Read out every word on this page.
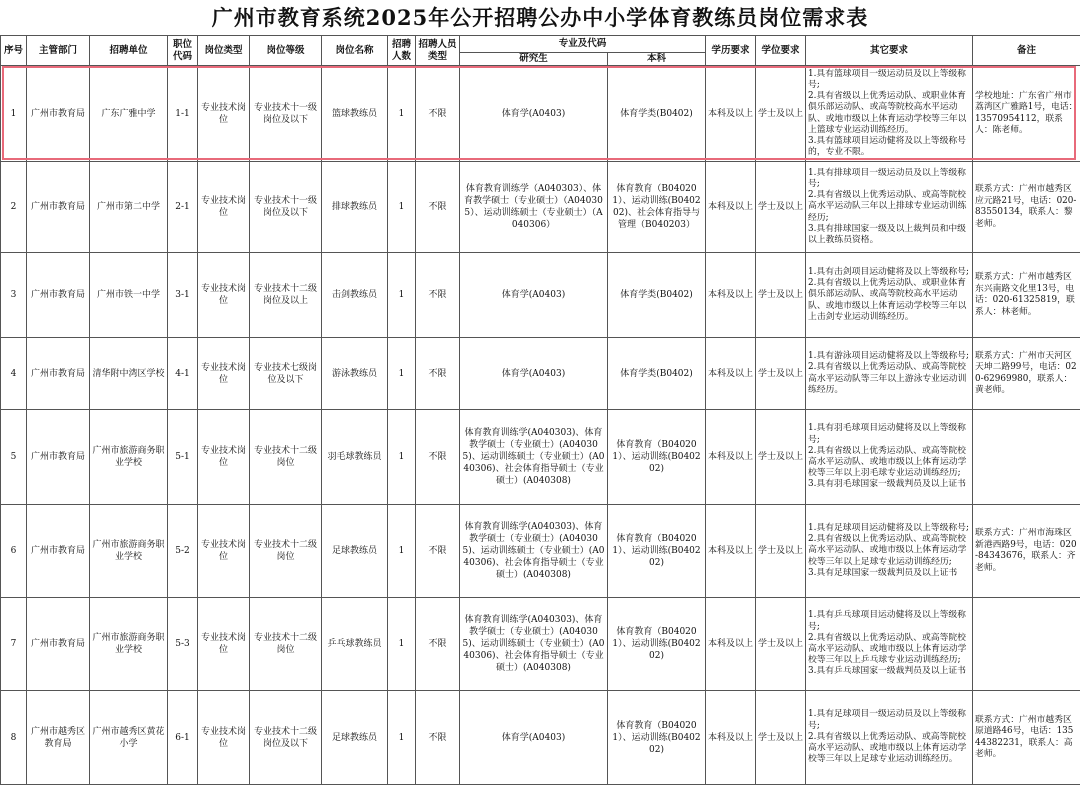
广州市教育系统2025年公开招聘公办中小学体育教练员岗位需求表
序号	主管部门	招聘单位	职位代码	岗位类型	岗位等级	岗位名称	招聘人数	招聘人员类型	专业及代码		学历要求	学位要求	其它要求	备注
									研究生	本科				
1	广州市教育局	广东广雅中学	1-1	专业技术岗位	专业技术十一级岗位及以下	篮球教练员	1	不限	体育学(A0403)	体育学类(B0402)	本科及以上	学士及以上	1.具有篮球项目一级运动员及以上等级称号;
2.具有省级以上优秀运动队、或职业体育俱乐部运动队、或高等院校高水平运动队、或地市级以上体育运动学校等三年以上篮球专业运动训练经历。
3.具有篮球项目运动健将及以上等级称号的，专业不限。	学校地址：广东省广州市荔湾区广雅路1号，电话：13570954112，联系人：陈老师。
2	广州市教育局	广州市第二中学	2-1	专业技术岗位	专业技术十一级岗位及以下	排球教练员	1	不限	体育教育训练学（A040303）、体育教学硕士（专业硕士）（A040305）、运动训练硕士（专业硕士）（A040306）	体育教育（B040201）、运动训练(B040202)、社会体育指导与管理（B040203）	本科及以上	学士及以上	1.具有排球项目一级运动员及以上等级称号;
2.具有省级以上优秀运动队、或高等院校高水平运动队三年以上排球专业运动训练经历;
3.具有排球国家一级及以上裁判员和中级以上教练员资格。	联系方式：广州市越秀区应元路21号，电话：020-83550134，联系人：黎老师。
3	广州市教育局	广州市铁一中学	3-1	专业技术岗位	专业技术十二级岗位及以上	击剑教练员	1	不限	体育学(A0403)	体育学类(B0402)	本科及以上	学士及以上	1.具有击剑项目运动健将及以上等级称号;
2.具有省级以上优秀运动队、或职业体育俱乐部运动队、或高等院校高水平运动队、或地市级以上体育运动学校等三年以上击剑专业运动训练经历。	联系方式：广州市越秀区东兴南路文化里13号，电话：020-61325819，联系人：林老师。
4	广州市教育局	清华附中湾区学校	4-1	专业技术岗位	专业技术七级岗位及以下	游泳教练员	1	不限	体育学(A0403)	体育学类(B0402)	本科及以上	学士及以上	1.具有游泳项目运动健将及以上等级称号;
2.具有省级以上优秀运动队、或高等院校高水平运动队等三年以上游泳专业运动训练经历。	联系方式：广州市天河区天坤二路99号，电话：020-62969980，联系人：黄老师。
5	广州市教育局	广州市旅游商务职业学校	5-1	专业技术岗位	专业技术十二级岗位	羽毛球教练员	1	不限	体育教育训练学(A040303)、体育教学硕士（专业硕士）(A040305)、运动训练硕士（专业硕士）(A040306)、社会体育指导硕士（专业硕士）(A040308)	体育教育（B040201）、运动训练(B040202)	本科及以上	学士及以上	1.具有羽毛球项目运动健将及以上等级称号;
2.具有省级以上优秀运动队、或高等院校高水平运动队、或地市级以上体育运动学校等三年以上羽毛球专业运动训练经历;
3.具有羽毛球国家一级裁判员及以上证书	

6	广州市教育局	广州市旅游商务职业学校	5-2	专业技术岗位	专业技术十二级岗位	足球教练员	1	不限	体育教育训练学(A040303)、体育教学硕士（专业硕士）(A040305)、运动训练硕士（专业硕士）(A040306)、社会体育指导硕士（专业硕士）(A040308)	体育教育（B040201）、运动训练(B040202)	本科及以上	学士及以上	1.具有足球项目运动健将及以上等级称号;
2.具有省级以上优秀运动队、或高等院校高水平运动队、或地市级以上体育运动学校等三年以上足球专业运动训练经历;
3.具有足球国家一级裁判员及以上证书	联系方式：广州市海珠区新港西路9号，电话：020-84343676，联系人：齐老师。
7	广州市教育局	广州市旅游商务职业学校	5-3	专业技术岗位	专业技术十二级岗位	乒乓球教练员	1	不限	体育教育训练学(A040303)、体育教学硕士（专业硕士）(A040305)、运动训练硕士（专业硕士）(A040306)、社会体育指导硕士（专业硕士）(A040308)	体育教育（B040201）、运动训练(B040202)	本科及以上	学士及以上	1.具有乒乓球项目运动健将及以上等级称号;
2.具有省级以上优秀运动队、或高等院校高水平运动队、或地市级以上体育运动学校等三年以上乒乓球专业运动训练经历;
3.具有乒乓球国家一级裁判员及以上证书	

8	广州市越秀区教育局	广州市越秀区黄花小学	6-1	专业技术岗位	专业技术十二级岗位及以下	足球教练员	1	不限	体育学(A0403)	体育教育（B040201）、运动训练(B040202)	本科及以上	学士及以上	1.具有足球项目一级运动员及以上等级称号;
2.具有省级以上优秀运动队、或高等院校高水平运动队、或地市级以上体育运动学校等三年以上足球专业运动训练经历。	联系方式：广州市越秀区原道路46号，电话：13544382231，联系人：高老师。
